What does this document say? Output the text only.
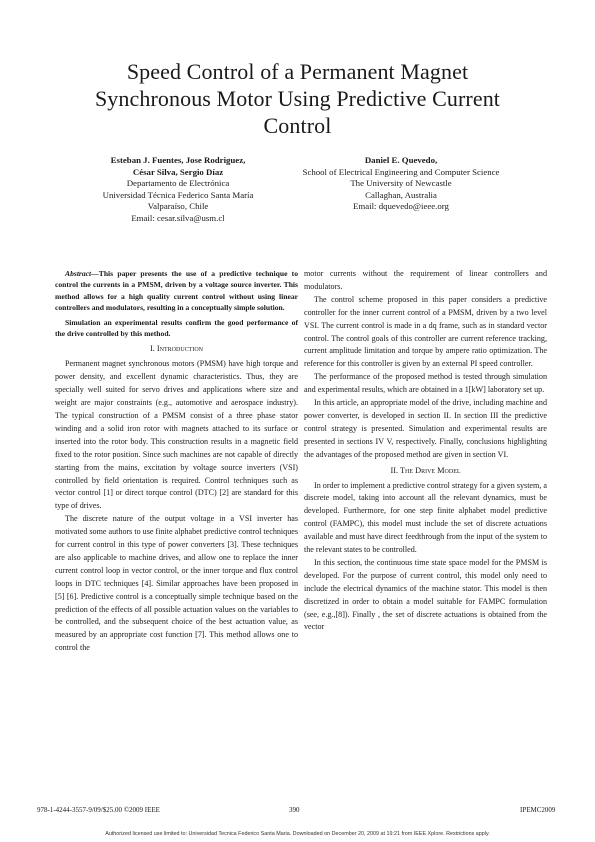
Speed Control of a Permanent Magnet
Synchronous Motor Using Predictive Current
Control
Esteban J. Fuentes, Jose Rodriguez,
César Silva, Sergio Díaz
Departamento de Electrónica
Universidad Técnica Federico Santa María
Valparaíso, Chile
Email: cesar.silva@usm.cl
Daniel E. Quevedo,
School of Electrical Engineering and Computer Science
The University of Newcastle
Callaghan, Australia
Email: dquevedo@ieee.org

Abstract—This paper presents the use of a predictive technique to control the currents in a PMSM, driven by a voltage source inverter. This method allows for a high quality current control without using linear controllers and modulators, resulting in a conceptually simple solution.

Simulation an experimental results confirm the good performance of the drive controlled by this method.

I. Introduction

Permanent magnet synchronous motors (PMSM) have high torque and power density, and excellent dynamic characteristics. Thus, they are specially well suited for servo drives and applications where size and weight are major constraints (e.g., automotive and aerospace industry). The typical construction of a PMSM consist of a three phase stator winding and a solid iron rotor with magnets attached to its surface or inserted into the rotor body. This construction results in a magnetic field fixed to the rotor position. Since such machines are not capable of directly starting from the mains, excitation by voltage source inverters (VSI) controlled by field orientation is required. Control techniques such as vector control [1] or direct torque control (DTC) [2] are standard for this type of drives.

The discrete nature of the output voltage in a VSI inverter has motivated some authors to use finite alphabet predictive control techniques for current control in this type of power converters [3]. These techniques are also applicable to machine drives, and allow one to replace the inner current control loop in vector control, or the inner torque and flux control loops in DTC techniques [4]. Similar approaches have been proposed in [5] [6]. Predictive control is a conceptually simple technique based on the prediction of the effects of all possible actuation values on the variables to be controlled, and the subsequent choice of the best actuation value, as measured by an appropriate cost function [7]. This method allows one to control the

motor currents without the requirement of linear controllers and modulators.

The control scheme proposed in this paper considers a predictive controller for the inner current control of a PMSM, driven by a two level VSI. The current control is made in a dq frame, such as in standard vector control. The control goals of this controller are current reference tracking, current amplitude limitation and torque by ampere ratio optimization. The reference for this controller is given by an external PI speed controller.

The performance of the proposed method is tested through simulation and experimental results, which are obtained in a 1[kW] laboratory set up.

In this article, an appropriate model of the drive, including machine and power converter, is developed in section II. In section III the predictive control strategy is presented. Simulation and experimental results are presented in sections IV V, respectively. Finally, conclusions highlighting the advantages of the proposed method are given in section VI.

II. The Drive Model

In order to implement a predictive control strategy for a given system, a discrete model, taking into account all the relevant dynamics, must be developed. Furthermore, for one step finite alphabet model predictive control (FAMPC), this model must include the set of discrete actuations available and must have direct feedthrough from the input of the system to the relevant states to be controlled.

In this section, the continuous time state space model for the PMSM is developed. For the purpose of current control, this model only need to include the electrical dynamics of the machine stator. This model is then discretized in order to obtain a model suitable for FAMPC formulation (see, e.g.,[8]). Finally , the set of discrete actuations is obtained from the vector

978-1-4244-3557-9/09/$25.00 ©2009 IEEE	390	IPEMC2009
Authorized licensed use limited to: Universidad Tecnica Federico Santa Maria. Downloaded on December 20, 2009 at 19:21 from IEEE Xplore. Restrictions apply.
